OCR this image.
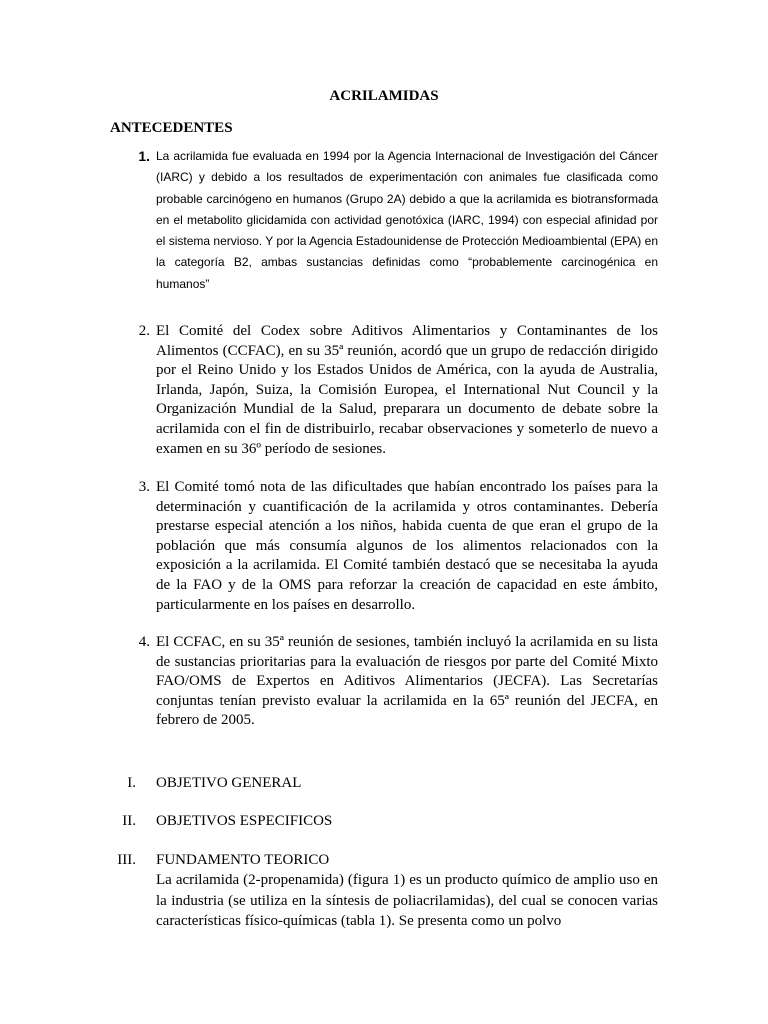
ACRILAMIDAS
ANTECEDENTES
1. La acrilamida fue evaluada en 1994 por la Agencia Internacional de Investigación del Cáncer (IARC) y debido a los resultados de experimentación con animales fue clasificada como probable carcinógeno en humanos (Grupo 2A) debido a que la acrilamida es biotransformada en el metabolito glicidamida con actividad genotóxica (IARC, 1994) con especial afinidad por el sistema nervioso. Y por la Agencia Estadounidense de Protección Medioambiental (EPA) en la categoría B2, ambas sustancias definidas como “probablemente carcinogénica en humanos”
2. El Comité del Codex sobre Aditivos Alimentarios y Contaminantes de los Alimentos (CCFAC), en su 35ª reunión, acordó que un grupo de redacción dirigido por el Reino Unido y los Estados Unidos de América, con la ayuda de Australia, Irlanda, Japón, Suiza, la Comisión Europea, el International Nut Council y la Organización Mundial de la Salud, preparara un documento de debate sobre la acrilamida con el fin de distribuirlo, recabar observaciones y someterlo de nuevo a examen en su 36º período de sesiones.
3. El Comité tomó nota de las dificultades que habían encontrado los países para la determinación y cuantificación de la acrilamida y otros contaminantes. Debería prestarse especial atención a los niños, habida cuenta de que eran el grupo de la población que más consumía algunos de los alimentos relacionados con la exposición a la acrilamida. El Comité también destacó que se necesitaba la ayuda de la FAO y de la OMS para reforzar la creación de capacidad en este ámbito, particularmente en los países en desarrollo.
4. El CCFAC, en su 35ª reunión de sesiones, también incluyó la acrilamida en su lista de sustancias prioritarias para la evaluación de riesgos por parte del Comité Mixto FAO/OMS de Expertos en Aditivos Alimentarios (JECFA). Las Secretarías conjuntas tenían previsto evaluar la acrilamida en la 65ª reunión del JECFA, en febrero de 2005.
I. OBJETIVO GENERAL
II. OBJETIVOS ESPECIFICOS
III. FUNDAMENTO TEORICO

La acrilamida (2-propenamida) (figura 1) es un producto químico de amplio uso en la industria (se utiliza en la síntesis de poliacrilamidas), del cual se conocen varias características físico-químicas (tabla 1). Se presenta como un polvo
